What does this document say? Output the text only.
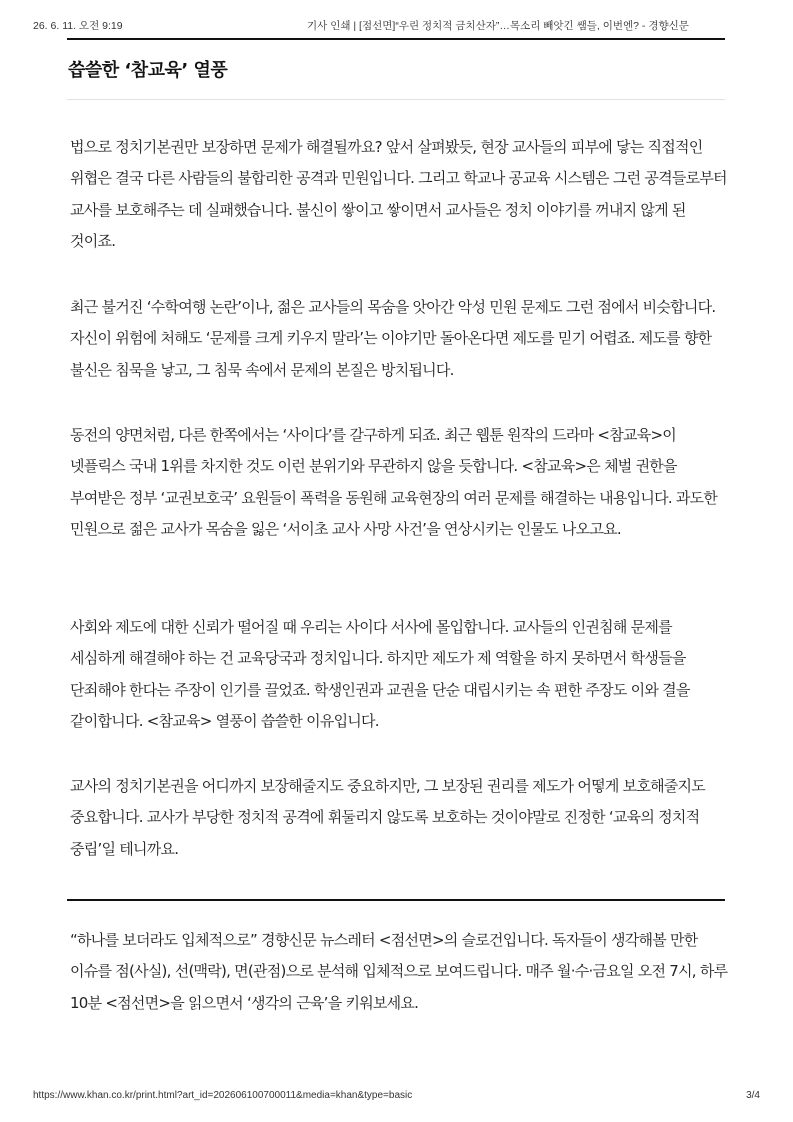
26. 6. 11. 오전 9:19	기사 인쇄 | [점선면]“우린 정치적 금치산자”…목소리 빼앗긴 쌤들, 이번엔? - 경향신문
씁쓸한 ‘참교육’ 열풍

법으로 정치기본권만 보장하면 문제가 해결될까요? 앞서 살펴봤듯, 현장 교사들의 피부에 닿는 직접적인 위협은 결국 다른 사람들의 불합리한 공격과 민원입니다. 그리고 학교나 공교육 시스템은 그런 공격들로부터 교사를 보호해주는 데 실패했습니다. 불신이 쌓이고 쌓이면서 교사들은 정치 이야기를 꺼내지 않게 된 것이죠.

최근 불거진 ‘수학여행 논란’이나, 젊은 교사들의 목숨을 앗아간 악성 민원 문제도 그런 점에서 비슷합니다. 자신이 위험에 처해도 ‘문제를 크게 키우지 말라’는 이야기만 돌아온다면 제도를 믿기 어렵죠. 제도를 향한 불신은 침묵을 낳고, 그 침묵 속에서 문제의 본질은 방치됩니다.

동전의 양면처럼, 다른 한쪽에서는 ‘사이다’를 갈구하게 되죠. 최근 웹툰 원작의 드라마 <참교육>이 넷플릭스 국내 1위를 차지한 것도 이런 분위기와 무관하지 않을 듯합니다. <참교육>은 체벌 권한을 부여받은 정부 ‘교권보호국’ 요원들이 폭력을 동원해 교육현장의 여러 문제를 해결하는 내용입니다. 과도한 민원으로 젊은 교사가 목숨을 잃은 ‘서이초 교사 사망 사건’을 연상시키는 인물도 나오고요.

사회와 제도에 대한 신뢰가 떨어질 때 우리는 사이다 서사에 몰입합니다. 교사들의 인권침해 문제를 세심하게 해결해야 하는 건 교육당국과 정치입니다. 하지만 제도가 제 역할을 하지 못하면서 학생들을 단죄해야 한다는 주장이 인기를 끌었죠. 학생인권과 교권을 단순 대립시키는 속 편한 주장도 이와 결을 같이합니다. <참교육> 열풍이 씁쓸한 이유입니다.

교사의 정치기본권을 어디까지 보장해줄지도 중요하지만, 그 보장된 권리를 제도가 어떻게 보호해줄지도 중요합니다. 교사가 부당한 정치적 공격에 휘둘리지 않도록 보호하는 것이야말로 진정한 ‘교육의 정치적 중립’일 테니까요.

“하나를 보더라도 입체적으로” 경향신문 뉴스레터 <점선면>의 슬로건입니다. 독자들이 생각해볼 만한 이슈를 점(사실), 선(맥락), 면(관점)으로 분석해 입체적으로 보여드립니다. 매주 월·수·금요일 오전 7시, 하루 10분 <점선면>을 읽으면서 ‘생각의 근육’을 키워보세요.

https://www.khan.co.kr/print.html?art_id=202606100700011&media=khan&type=basic	3/4
